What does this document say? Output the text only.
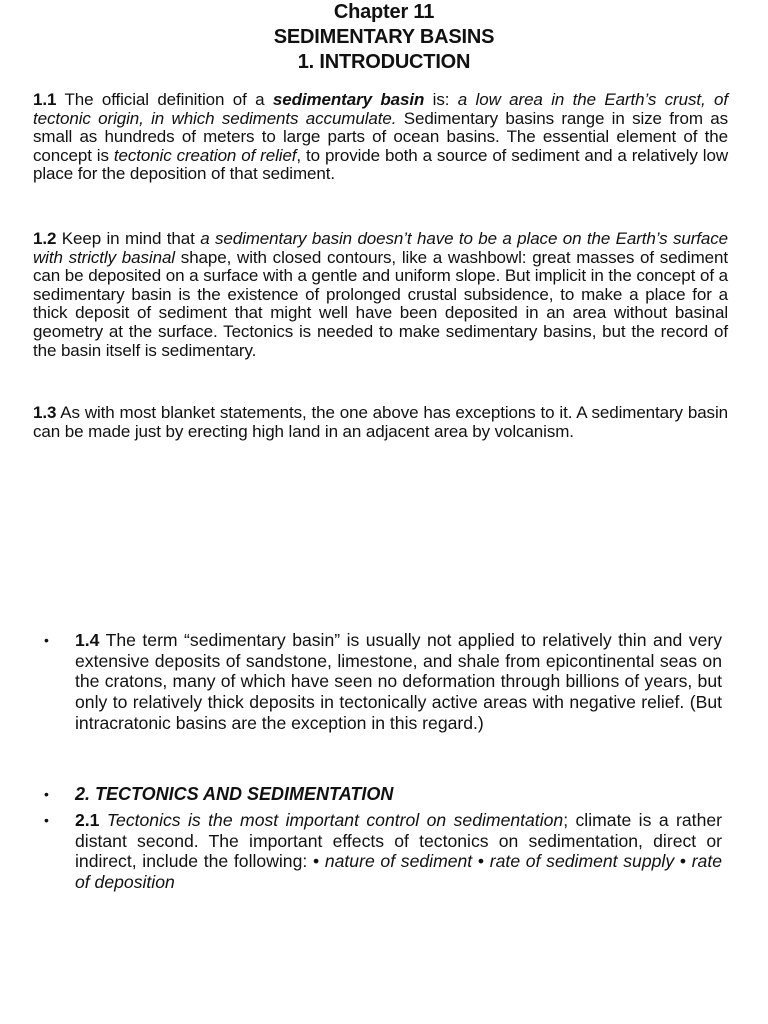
Chapter 11
SEDIMENTARY BASINS
1. INTRODUCTION

1.1 The official definition of a sedimentary basin is: a low area in the Earth’s crust, of tectonic origin, in which sediments accumulate. Sedimentary basins range in size from as small as hundreds of meters to large parts of ocean basins. The essential element of the concept is tectonic creation of relief, to provide both a source of sediment and a relatively low place for the deposition of that sediment.

1.2 Keep in mind that a sedimentary basin doesn’t have to be a place on the Earth’s surface with strictly basinal shape, with closed contours, like a washbowl: great masses of sediment can be deposited on a surface with a gentle and uniform slope. But implicit in the concept of a sedimentary basin is the existence of prolonged crustal subsidence, to make a place for a thick deposit of sediment that might well have been deposited in an area without basinal geometry at the surface. Tectonics is needed to make sedimentary basins, but the record of the basin itself is sedimentary.

1.3 As with most blanket statements, the one above has exceptions to it. A sedimentary basin can be made just by erecting high land in an adjacent area by volcanism.

• 1.4 The term “sedimentary basin” is usually not applied to relatively thin and very extensive deposits of sandstone, limestone, and shale from epicontinental seas on the cratons, many of which have seen no deformation through billions of years, but only to relatively thick deposits in tectonically active areas with negative relief. (But intracratonic basins are the exception in this regard.)

• 2. TECTONICS AND SEDIMENTATION

• 2.1 Tectonics is the most important control on sedimentation; climate is a rather distant second. The important effects of tectonics on sedimentation, direct or indirect, include the following: • nature of sediment • rate of sediment supply • rate of deposition
